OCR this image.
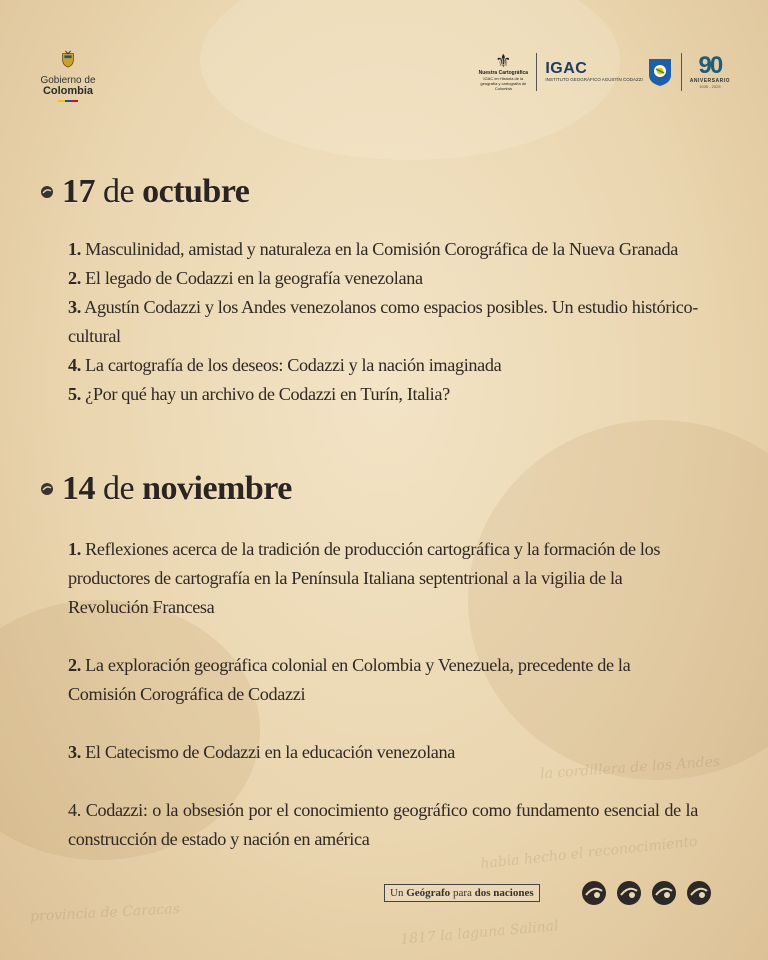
habia hecho el reconocimiento
la cordillera de los Andes
provincia de Caracas
1817 la laguna Salinal
Gobierno de
Colombia
⚜
Nuestra Cartográfica
IGAC en Historia de la geografía y cartografía de Colombia
IGAC
INSTITUTO GEOGRÁFICO AGUSTÍN CODAZZI
90
ANIVERSARIO
1935 - 2025
17 de octubre

1. Masculinidad, amistad y naturaleza en la Comisión Corográfica de la Nueva Granada

2. El legado de Codazzi en la geografía venezolana

3. Agustín Codazzi y los Andes venezolanos como espacios posibles. Un estudio histórico-cultural

4. La cartografía de los deseos: Codazzi y la nación imaginada

5. ¿Por qué hay un archivo de Codazzi en Turín, Italia?

14 de noviembre

1. Reflexiones acerca de la tradición de producción cartográfica y la formación de los productores de cartografía en la Península Italiana septentrional a la vigilia de la Revolución Francesa

2. La exploración geográfica colonial en Colombia y Venezuela, precedente de la Comisión Corográfica de Codazzi

3. El Catecismo de Codazzi en la educación venezolana

4. Codazzi: o la obsesión por el conocimiento geográfico como fundamento esencial de la construcción de estado y nación en américa

Un Geógrafo para dos naciones
